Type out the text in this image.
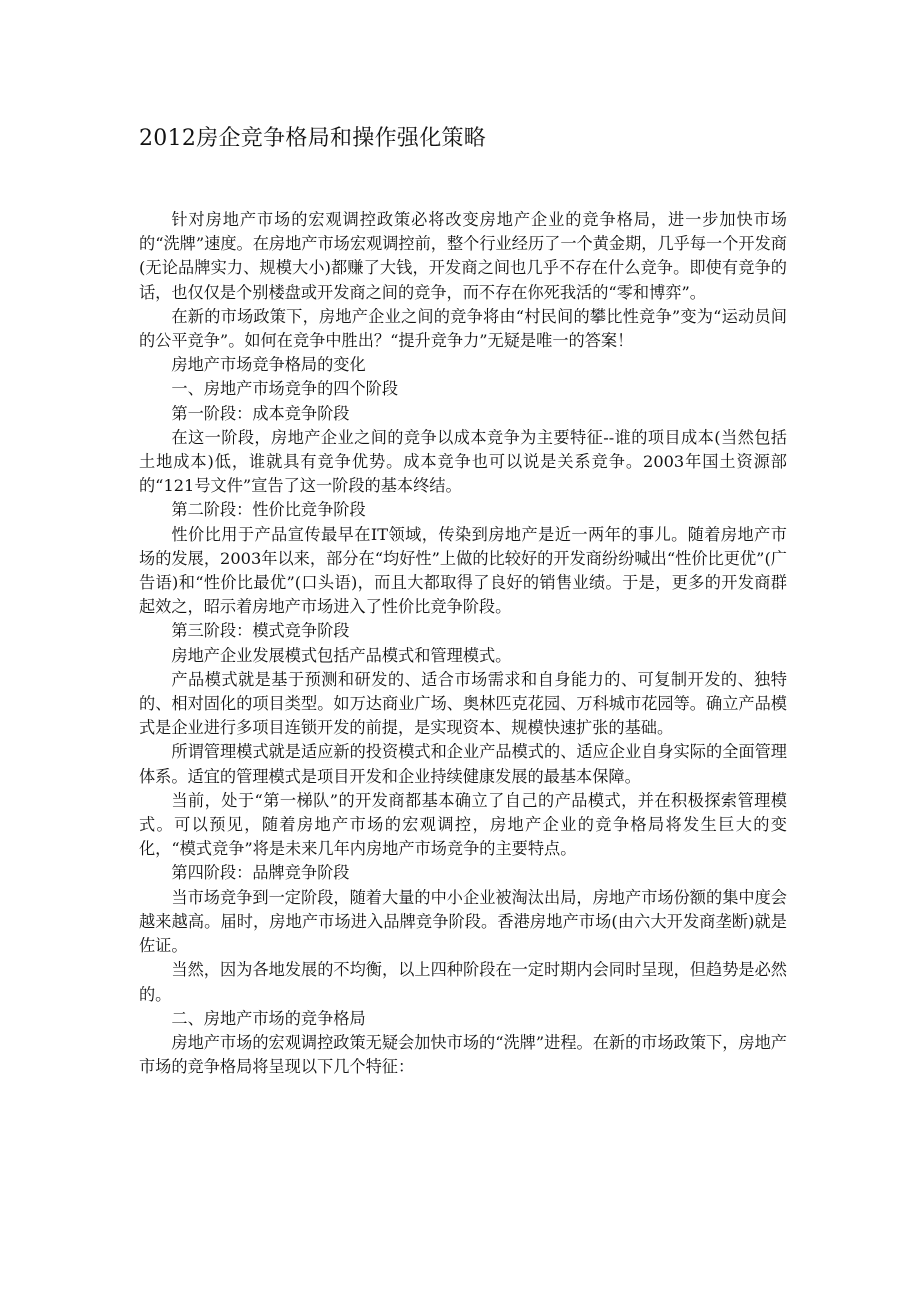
2012房企竞争格局和操作强化策略

针对房地产市场的宏观调控政策必将改变房地产企业的竞争格局，进一步加快市场的“洗牌”速度。在房地产市场宏观调控前，整个行业经历了一个黄金期，几乎每一个开发商(无论品牌实力、规模大小)都赚了大钱，开发商之间也几乎不存在什么竞争。即使有竞争的话，也仅仅是个别楼盘或开发商之间的竞争，而不存在你死我活的“零和博弈”。

在新的市场政策下，房地产企业之间的竞争将由“村民间的攀比性竞争”变为“运动员间的公平竞争”。如何在竞争中胜出？“提升竞争力”无疑是唯一的答案！

房地产市场竞争格局的变化

一、房地产市场竞争的四个阶段

第一阶段：成本竞争阶段

在这一阶段，房地产企业之间的竞争以成本竞争为主要特征--谁的项目成本(当然包括土地成本)低，谁就具有竞争优势。成本竞争也可以说是关系竞争。2003年国土资源部的“121号文件”宣告了这一阶段的基本终结。

第二阶段：性价比竞争阶段

性价比用于产品宣传最早在IT领域，传染到房地产是近一两年的事儿。随着房地产市场的发展，2003年以来，部分在“均好性”上做的比较好的开发商纷纷喊出“性价比更优”(广告语)和“性价比最优”(口头语)，而且大都取得了良好的销售业绩。于是，更多的开发商群起效之，昭示着房地产市场进入了性价比竞争阶段。

第三阶段：模式竞争阶段

房地产企业发展模式包括产品模式和管理模式。

产品模式就是基于预测和研发的、适合市场需求和自身能力的、可复制开发的、独特的、相对固化的项目类型。如万达商业广场、奥林匹克花园、万科城市花园等。确立产品模式是企业进行多项目连锁开发的前提，是实现资本、规模快速扩张的基础。

所谓管理模式就是适应新的投资模式和企业产品模式的、适应企业自身实际的全面管理体系。适宜的管理模式是项目开发和企业持续健康发展的最基本保障。

当前，处于“第一梯队”的开发商都基本确立了自己的产品模式，并在积极探索管理模式。可以预见，随着房地产市场的宏观调控，房地产企业的竞争格局将发生巨大的变化，“模式竞争”将是未来几年内房地产市场竞争的主要特点。

第四阶段：品牌竞争阶段

当市场竞争到一定阶段，随着大量的中小企业被淘汰出局，房地产市场份额的集中度会越来越高。届时，房地产市场进入品牌竞争阶段。香港房地产市场(由六大开发商垄断)就是佐证。

当然，因为各地发展的不均衡，以上四种阶段在一定时期内会同时呈现，但趋势是必然的。

二、房地产市场的竞争格局

房地产市场的宏观调控政策无疑会加快市场的“洗牌”进程。在新的市场政策下，房地产市场的竞争格局将呈现以下几个特征：
